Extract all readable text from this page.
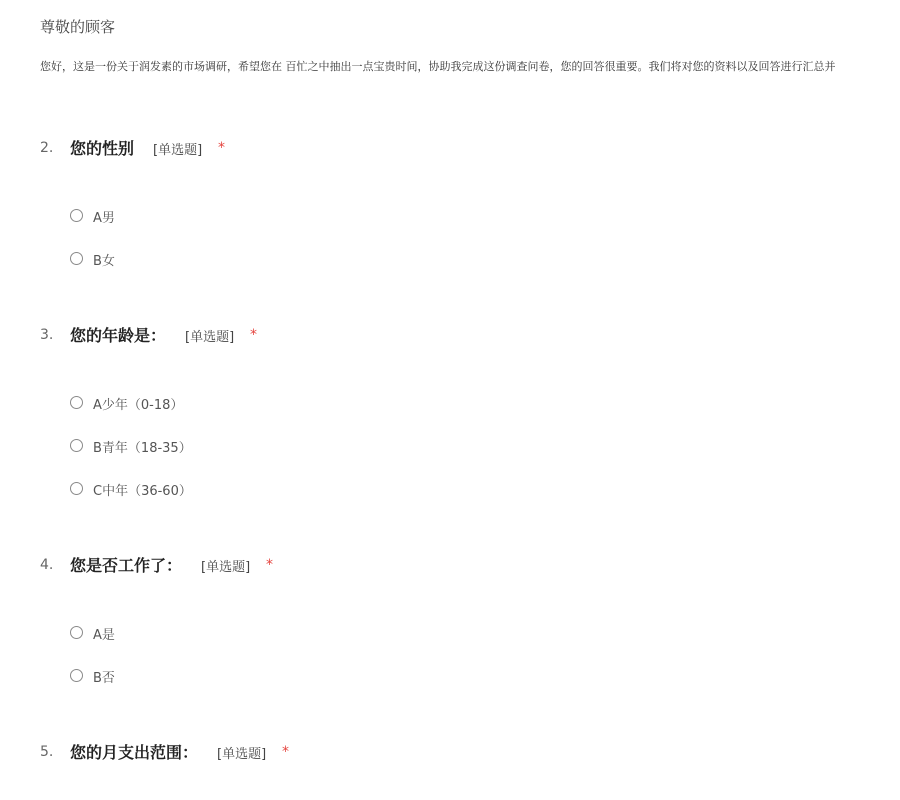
尊敬的顾客
您好，这是一份关于润发素的市场调研，希望您在 百忙之中抽出一点宝贵时间，协助我完成这份调查问卷，您的回答很重要。我们将对您的资料以及回答进行汇总并
2. 您的性别 [单选题] *
A男
B女
3. 您的年龄是： [单选题] *
A少年（0-18）
B青年（18-35）
C中年（36-60）
4. 您是否工作了： [单选题] *
A是
B否
5. 您的月支出范围： [单选题] *
